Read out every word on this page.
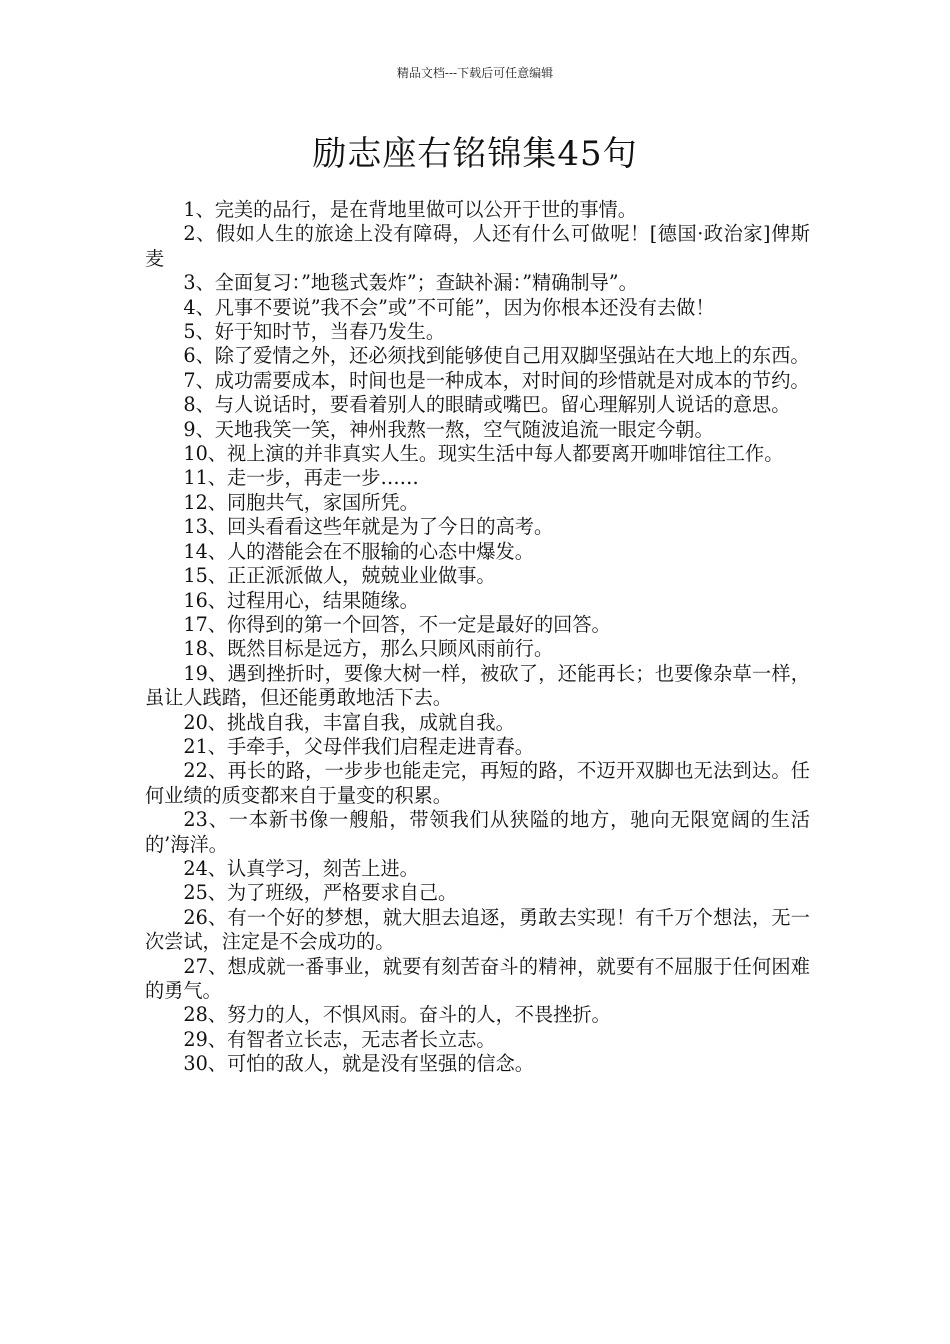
精品文档---下载后可任意编辑
励志座右铭锦集45句

1、完美的品行，是在背地里做可以公开于世的事情。

2、假如人生的旅途上没有障碍，人还有什么可做呢！[德国·政治家]俾斯麦

3、全面复习：”地毯式轰炸”；查缺补漏：”精确制导”。

4、凡事不要说”我不会”或”不可能”，因为你根本还没有去做！

5、好于知时节，当春乃发生。

6、除了爱情之外，还必须找到能够使自己用双脚坚强站在大地上的东西。

7、成功需要成本，时间也是一种成本，对时间的珍惜就是对成本的节约。

8、与人说话时，要看着别人的眼睛或嘴巴。留心理解别人说话的意思。

9、天地我笑一笑，神州我熬一熬，空气随波追流一眼定今朝。

10、视上演的并非真实人生。现实生活中每人都要离开咖啡馆往工作。

11、走一步，再走一步……

12、同胞共气，家国所凭。

13、回头看看这些年就是为了今日的高考。

14、人的潜能会在不服输的心态中爆发。

15、正正派派做人，兢兢业业做事。

16、过程用心，结果随缘。

17、你得到的第一个回答，不一定是最好的回答。

18、既然目标是远方，那么只顾风雨前行。

19、遇到挫折时，要像大树一样，被砍了，还能再长；也要像杂草一样，虽让人践踏，但还能勇敢地活下去。

20、挑战自我，丰富自我，成就自我。

21、手牵手，父母伴我们启程走进青春。

22、再长的路，一步步也能走完，再短的路，不迈开双脚也无法到达。任何业绩的质变都来自于量变的积累。

23、一本新书像一艘船，带领我们从狭隘的地方，驰向无限宽阔的生活的’海洋。

24、认真学习，刻苦上进。

25、为了班级，严格要求自己。

26、有一个好的梦想，就大胆去追逐，勇敢去实现！有千万个想法，无一次尝试，注定是不会成功的。

27、想成就一番事业，就要有刻苦奋斗的精神，就要有不屈服于任何困难的勇气。

28、努力的人，不惧风雨。奋斗的人，不畏挫折。

29、有智者立长志，无志者长立志。

30、可怕的敌人，就是没有坚强的信念。
